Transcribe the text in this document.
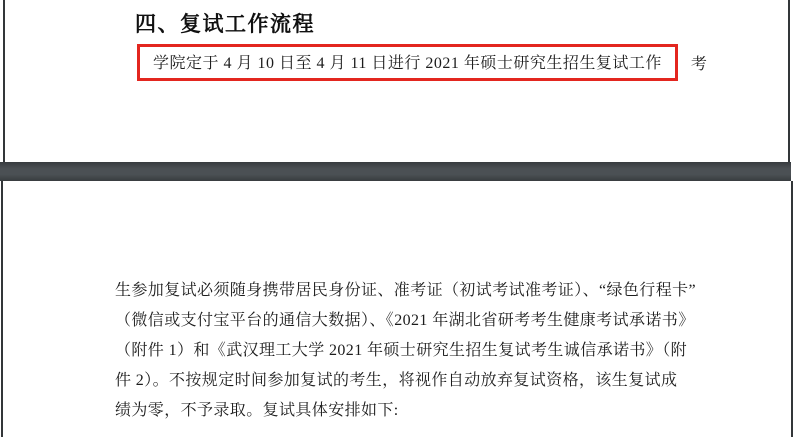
四、复试工作流程
学院定于 4 月 10 日至 4 月 11 日进行 2021 年硕士研究生招生复试工作	考
生参加复试必须随身携带居民身份证、准考证（初试考试准考证）、“绿色行程卡”
（微信或支付宝平台的通信大数据）、《2021 年湖北省研考考生健康考试承诺书》
（附件 1）和《武汉理工大学 2021 年硕士研究生招生复试考生诚信承诺书》（附
件 2）。不按规定时间参加复试的考生，将视作自动放弃复试资格，该生复试成
绩为零，不予录取。复试具体安排如下:
